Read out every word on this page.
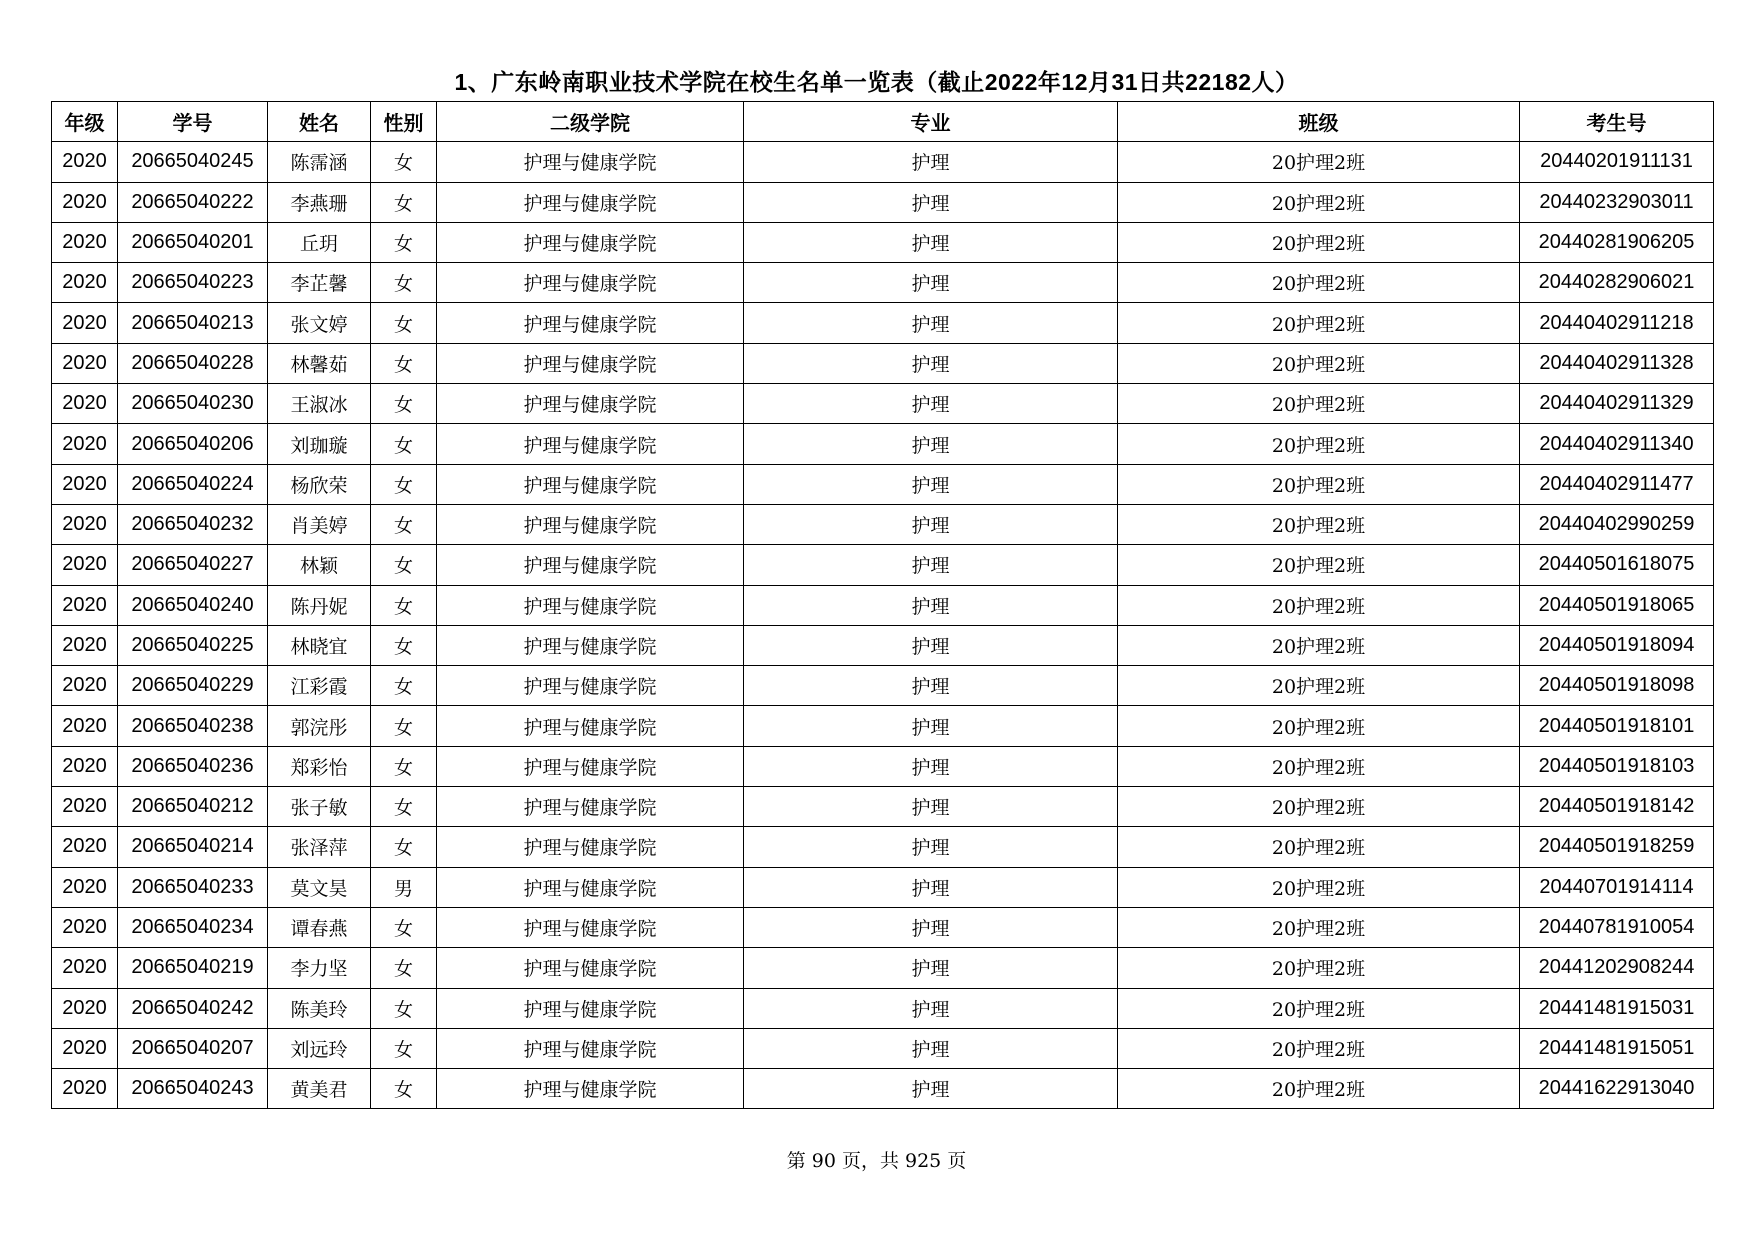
1、广东岭南职业技术学院在校生名单一览表（截止2022年12月31日共22182人）
年级	学号	姓名	性别	二级学院	专业	班级	考生号
2020	20665040245	陈霈涵	女	护理与健康学院	护理	20护理2班	20440201911131
2020	20665040222	李燕珊	女	护理与健康学院	护理	20护理2班	20440232903011
2020	20665040201	丘玥	女	护理与健康学院	护理	20护理2班	20440281906205
2020	20665040223	李芷馨	女	护理与健康学院	护理	20护理2班	20440282906021
2020	20665040213	张文婷	女	护理与健康学院	护理	20护理2班	20440402911218
2020	20665040228	林馨茹	女	护理与健康学院	护理	20护理2班	20440402911328
2020	20665040230	王淑冰	女	护理与健康学院	护理	20护理2班	20440402911329
2020	20665040206	刘珈璇	女	护理与健康学院	护理	20护理2班	20440402911340
2020	20665040224	杨欣荣	女	护理与健康学院	护理	20护理2班	20440402911477
2020	20665040232	肖美婷	女	护理与健康学院	护理	20护理2班	20440402990259
2020	20665040227	林颖	女	护理与健康学院	护理	20护理2班	20440501618075
2020	20665040240	陈丹妮	女	护理与健康学院	护理	20护理2班	20440501918065
2020	20665040225	林晓宜	女	护理与健康学院	护理	20护理2班	20440501918094
2020	20665040229	江彩霞	女	护理与健康学院	护理	20护理2班	20440501918098
2020	20665040238	郭浣彤	女	护理与健康学院	护理	20护理2班	20440501918101
2020	20665040236	郑彩怡	女	护理与健康学院	护理	20护理2班	20440501918103
2020	20665040212	张子敏	女	护理与健康学院	护理	20护理2班	20440501918142
2020	20665040214	张泽萍	女	护理与健康学院	护理	20护理2班	20440501918259
2020	20665040233	莫文昊	男	护理与健康学院	护理	20护理2班	20440701914114
2020	20665040234	谭春燕	女	护理与健康学院	护理	20护理2班	20440781910054
2020	20665040219	李力坚	女	护理与健康学院	护理	20护理2班	20441202908244
2020	20665040242	陈美玲	女	护理与健康学院	护理	20护理2班	20441481915031
2020	20665040207	刘远玲	女	护理与健康学院	护理	20护理2班	20441481915051
2020	20665040243	黄美君	女	护理与健康学院	护理	20护理2班	20441622913040
第 90 页，共 925 页
